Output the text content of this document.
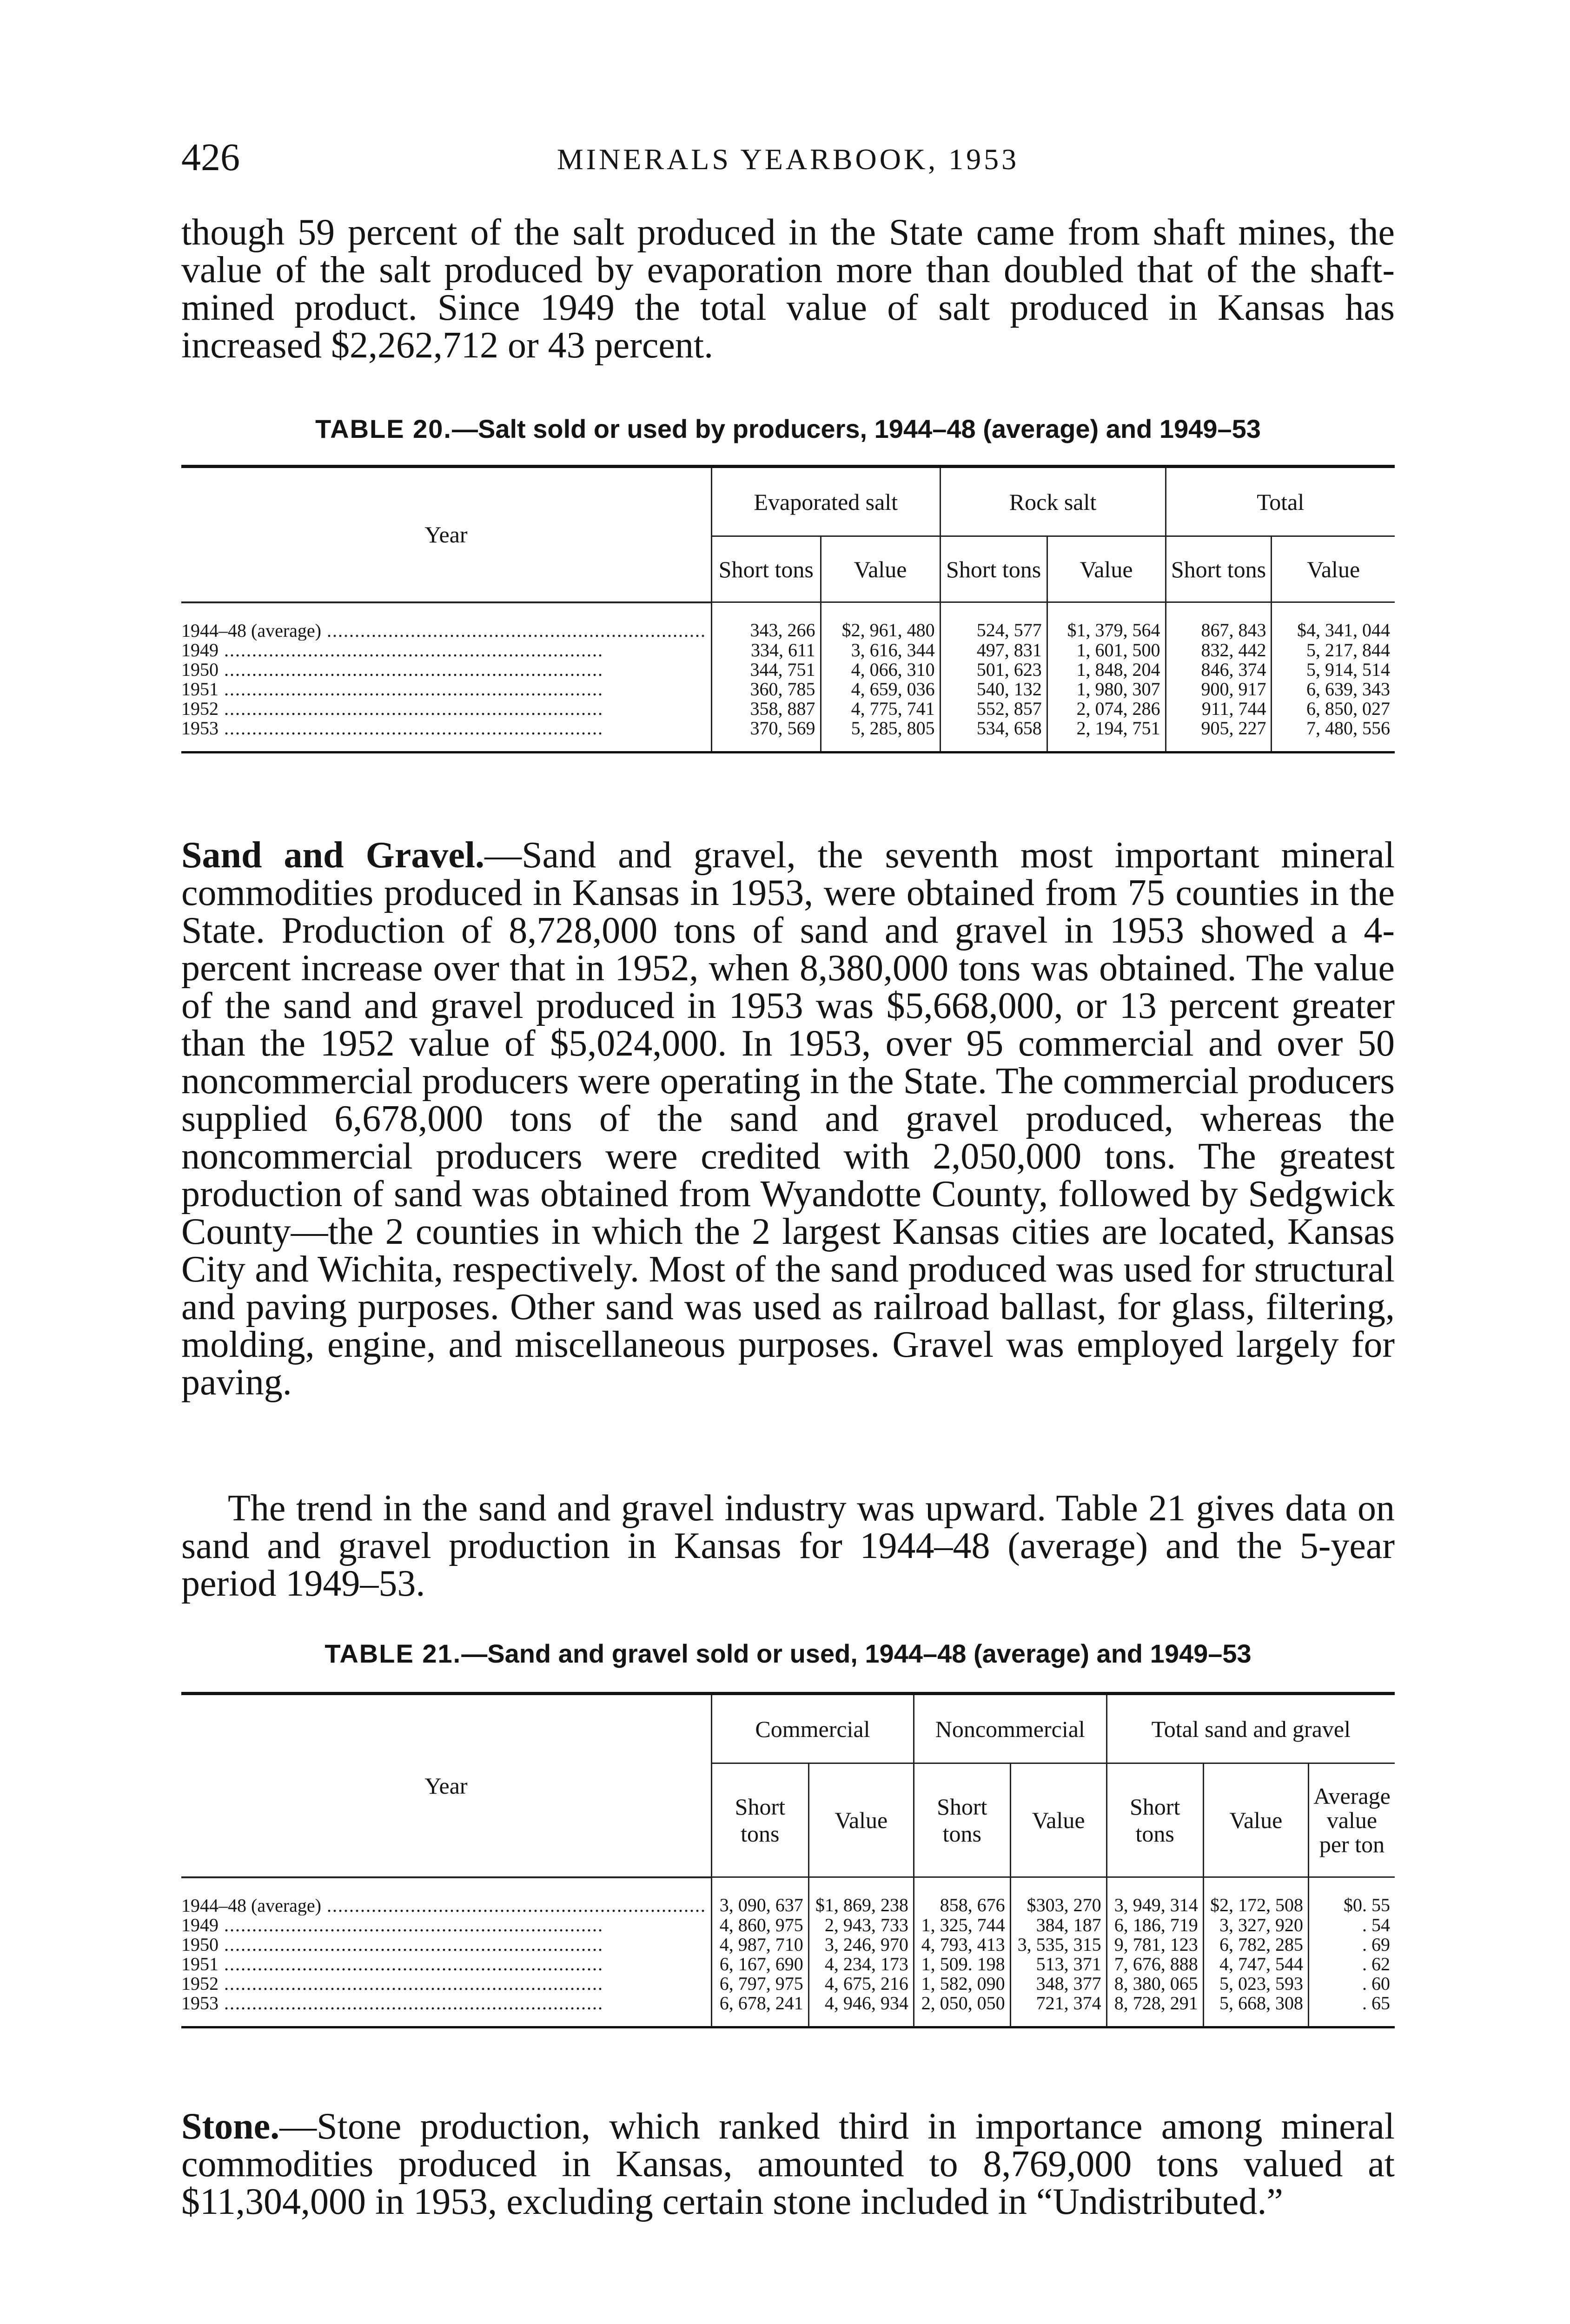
426	MINERALS YEARBOOK, 1953

though 59 percent of the salt produced in the State came from shaft mines, the value of the salt produced by evaporation more than doubled that of the shaft-mined product. Since 1949 the total value of salt produced in Kansas has increased $2,262,712 or 43 percent.

TABLE 20.—Salt sold or used by producers, 1944–48 (average) and 1949–53
Year	Evaporated salt		Rock salt		Total	
	Short tons	Value	Short tons	Value	Short tons	Value
1944–48 (average) .....	343, 266	$2, 961, 480	524, 577	$1, 379, 564	867, 843	$4, 341, 044
1949 .....	334, 611	3, 616, 344	497, 831	1, 601, 500	832, 442	5, 217, 844
1950 .....	344, 751	4, 066, 310	501, 623	1, 848, 204	846, 374	5, 914, 514
1951 .....	360, 785	4, 659, 036	540, 132	1, 980, 307	900, 917	6, 639, 343
1952 .....	358, 887	4, 775, 741	552, 857	2, 074, 286	911, 744	6, 850, 027
1953 .....	370, 569	5, 285, 805	534, 658	2, 194, 751	905, 227	7, 480, 556

Sand and Gravel.—Sand and gravel, the seventh most important mineral commodities produced in Kansas in 1953, were obtained from 75 counties in the State. Production of 8,728,000 tons of sand and gravel in 1953 showed a 4-percent increase over that in 1952, when 8,380,000 tons was obtained. The value of the sand and gravel produced in 1953 was $5,668,000, or 13 percent greater than the 1952 value of $5,024,000. In 1953, over 95 commercial and over 50 noncommercial producers were operating in the State. The commercial producers supplied 6,678,000 tons of the sand and gravel produced, whereas the noncommercial producers were credited with 2,050,000 tons. The greatest production of sand was obtained from Wyandotte County, followed by Sedgwick County—the 2 counties in which the 2 largest Kansas cities are located, Kansas City and Wichita, respectively. Most of the sand produced was used for structural and paving purposes. Other sand was used as railroad ballast, for glass, filtering, molding, engine, and miscellaneous purposes. Gravel was employed largely for paving.

The trend in the sand and gravel industry was upward. Table 21 gives data on sand and gravel production in Kansas for 1944–48 (average) and the 5-year period 1949–53.

TABLE 21.—Sand and gravel sold or used, 1944–48 (average) and 1949–53
Year	Commercial		Noncommercial		Total sand and gravel		
	Short tons	Value	Short tons	Value	Short tons	Value	Average value per ton
1944–48 (average) .....	3, 090, 637	$1, 869, 238	858, 676	$303, 270	3, 949, 314	$2, 172, 508	$0. 55
1949 .....	4, 860, 975	2, 943, 733	1, 325, 744	384, 187	6, 186, 719	3, 327, 920	. 54
1950 .....	4, 987, 710	3, 246, 970	4, 793, 413	3, 535, 315	9, 781, 123	6, 782, 285	. 69
1951 .....	6, 167, 690	4, 234, 173	1, 509. 198	513, 371	7, 676, 888	4, 747, 544	. 62
1952 .....	6, 797, 975	4, 675, 216	1, 582, 090	348, 377	8, 380, 065	5, 023, 593	. 60
1953 .....	6, 678, 241	4, 946, 934	2, 050, 050	721, 374	8, 728, 291	5, 668, 308	. 65

Stone.—Stone production, which ranked third in importance among mineral commodities produced in Kansas, amounted to 8,769,000 tons valued at $11,304,000 in 1953, excluding certain stone included in “Undistributed.”
